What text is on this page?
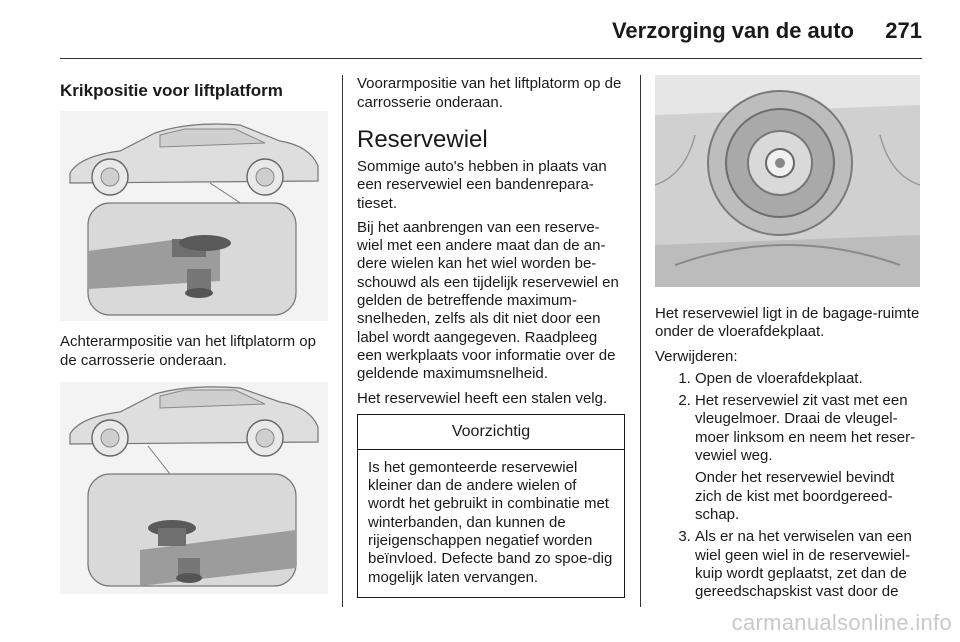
Verzorging van de auto 271
Krikpositie voor liftplatform

Achterarmpositie van het liftplatorm op de carrosserie onderaan.

Voorarmpositie van het liftplatorm op de carrosserie onderaan.

Reservewiel

Sommige auto's hebben in plaats van een reservewiel een bandenrepara-tieset.

Bij het aanbrengen van een reserve-wiel met een andere maat dan de an-dere wielen kan het wiel worden be-schouwd als een tijdelijk reservewiel en gelden de betreffende maximum-snelheden, zelfs als dit niet door een label wordt aangegeven. Raadpleeg een werkplaats voor informatie over de geldende maximumsnelheid.

Het reservewiel heeft een stalen velg.

Voorzichtig
Is het gemonteerde reservewiel kleiner dan de andere wielen of wordt het gebruikt in combinatie met winterbanden, dan kunnen de rijeigenschappen negatief worden beïnvloed. Defecte band zo spoe-dig mogelijk laten vervangen.

Het reservewiel ligt in de bagage-ruimte onder de vloerafdekplaat.

Verwijderen:

1. Open de vloerafdekplaat.
2. Het reservewiel zit vast met een vleugelmoer. Draai de vleugel-moer linksom en neem het reser-vewiel weg.
Onder het reservewiel bevindt zich de kist met boordgereed-schap.
3. Als er na het verwiselen van een wiel geen wiel in de reservewiel-kuip wordt geplaatst, zet dan de gereedschapskist vast door de
carmanualsonline.info
